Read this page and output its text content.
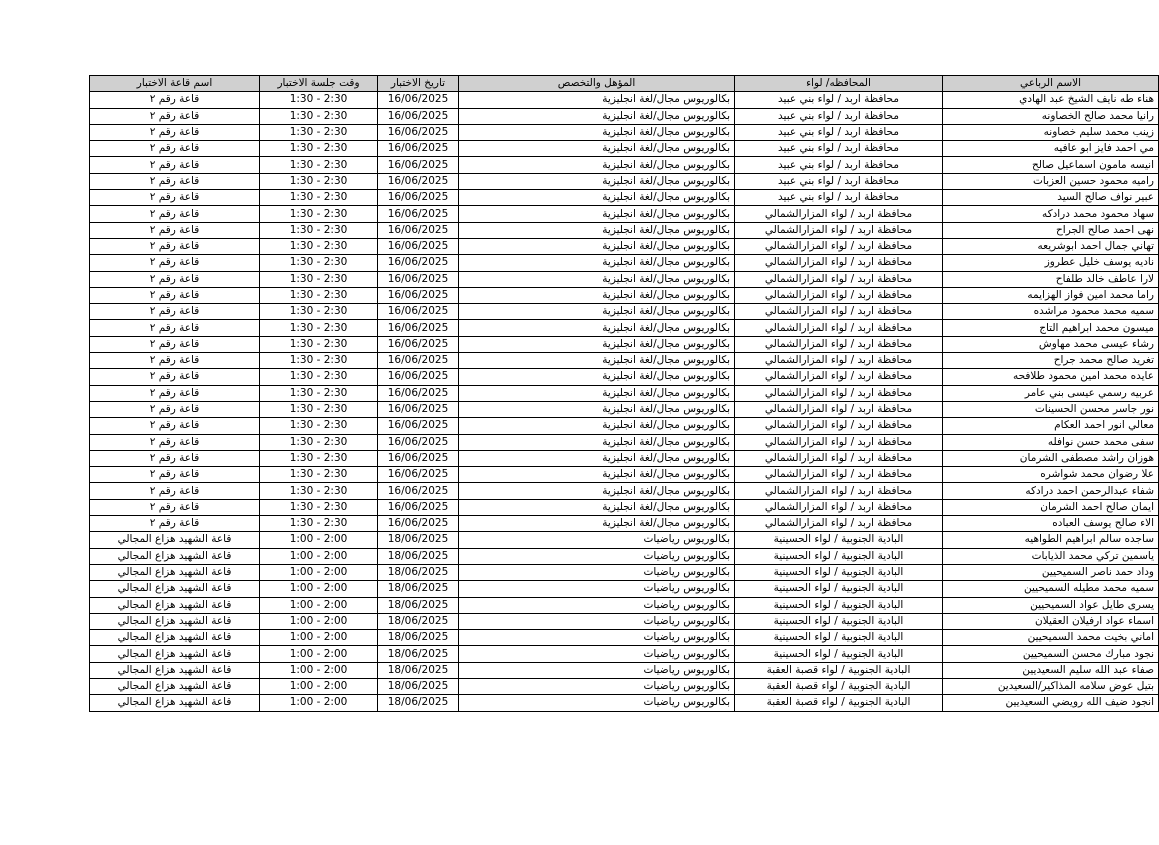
اسم قاعة الاختبار	وقت جلسة الاختبار	تاريخ الاختبار	المؤهل والتخصص	المحافظه/ لواء	الاسم الرباعي
قاعة رقم ٢	1:30 - 2:30	16/06/2025	بكالوريوس مجال/لغة انجليزية	محافظة اربد / لواء بني عبيد	هناء طه نايف الشيخ عبد الهادي
قاعة رقم ٢	1:30 - 2:30	16/06/2025	بكالوريوس مجال/لغة انجليزية	محافظة اربد / لواء بني عبيد	رانيا محمد صالح الخصاونه
قاعة رقم ٢	1:30 - 2:30	16/06/2025	بكالوريوس مجال/لغة انجليزية	محافظة اربد / لواء بني عبيد	زينب محمد سليم خصاونه
قاعة رقم ٢	1:30 - 2:30	16/06/2025	بكالوريوس مجال/لغة انجليزية	محافظة اربد / لواء بني عبيد	مي احمد فايز ابو عافيه
قاعة رقم ٢	1:30 - 2:30	16/06/2025	بكالوريوس مجال/لغة انجليزية	محافظة اربد / لواء بني عبيد	انيسه مامون اسماعيل صالح
قاعة رقم ٢	1:30 - 2:30	16/06/2025	بكالوريوس مجال/لغة انجليزية	محافظة اربد / لواء بني عبيد	راميه محمود حسين العزبات
قاعة رقم ٢	1:30 - 2:30	16/06/2025	بكالوريوس مجال/لغة انجليزية	محافظة اربد / لواء بني عبيد	عبير نواف صالح السيد
قاعة رقم ٢	1:30 - 2:30	16/06/2025	بكالوريوس مجال/لغة انجليزية	محافظة اربد / لواء المزارالشمالي	سهاد محمود محمد درادكه
قاعة رقم ٢	1:30 - 2:30	16/06/2025	بكالوريوس مجال/لغة انجليزية	محافظة اربد / لواء المزارالشمالي	نهى احمد صالح الجراح
قاعة رقم ٢	1:30 - 2:30	16/06/2025	بكالوريوس مجال/لغة انجليزية	محافظة اربد / لواء المزارالشمالي	تهاني جمال احمد ابوشريعه
قاعة رقم ٢	1:30 - 2:30	16/06/2025	بكالوريوس مجال/لغة انجليزية	محافظة اربد / لواء المزارالشمالي	ناديه يوسف خليل عطروز
قاعة رقم ٢	1:30 - 2:30	16/06/2025	بكالوريوس مجال/لغة انجليزية	محافظة اربد / لواء المزارالشمالي	لارا عاطف خالد طلفاح
قاعة رقم ٢	1:30 - 2:30	16/06/2025	بكالوريوس مجال/لغة انجليزية	محافظة اربد / لواء المزارالشمالي	راما محمد امين فواز الهزايمه
قاعة رقم ٢	1:30 - 2:30	16/06/2025	بكالوريوس مجال/لغة انجليزية	محافظة اربد / لواء المزارالشمالي	سميه محمد محمود مراشده
قاعة رقم ٢	1:30 - 2:30	16/06/2025	بكالوريوس مجال/لغة انجليزية	محافظة اربد / لواء المزارالشمالي	ميسون محمد ابراهيم التاج
قاعة رقم ٢	1:30 - 2:30	16/06/2025	بكالوريوس مجال/لغة انجليزية	محافظة اربد / لواء المزارالشمالي	رشاء عيسى محمد مهاوش
قاعة رقم ٢	1:30 - 2:30	16/06/2025	بكالوريوس مجال/لغة انجليزية	محافظة اربد / لواء المزارالشمالي	تغريد صالح محمد جراح
قاعة رقم ٢	1:30 - 2:30	16/06/2025	بكالوريوس مجال/لغة انجليزية	محافظة اربد / لواء المزارالشمالي	عايده محمد امين محمود طلافحه
قاعة رقم ٢	1:30 - 2:30	16/06/2025	بكالوريوس مجال/لغة انجليزية	محافظة اربد / لواء المزارالشمالي	عربيه رسمي عيسى بني عامر
قاعة رقم ٢	1:30 - 2:30	16/06/2025	بكالوريوس مجال/لغة انجليزية	محافظة اربد / لواء المزارالشمالي	نور جاسر محسن الحسينات
قاعة رقم ٢	1:30 - 2:30	16/06/2025	بكالوريوس مجال/لغة انجليزية	محافظة اربد / لواء المزارالشمالي	معالي انور احمد العكام
قاعة رقم ٢	1:30 - 2:30	16/06/2025	بكالوريوس مجال/لغة انجليزية	محافظة اربد / لواء المزارالشمالي	سفى محمد حسن نوافله
قاعة رقم ٢	1:30 - 2:30	16/06/2025	بكالوريوس مجال/لغة انجليزية	محافظة اربد / لواء المزارالشمالي	هوزان راشد مصطفى الشرمان
قاعة رقم ٢	1:30 - 2:30	16/06/2025	بكالوريوس مجال/لغة انجليزية	محافظة اربد / لواء المزارالشمالي	علا رضوان محمد شواشره
قاعة رقم ٢	1:30 - 2:30	16/06/2025	بكالوريوس مجال/لغة انجليزية	محافظة اربد / لواء المزارالشمالي	شفاء عبدالرحمن احمد درادكه
قاعة رقم ٢	1:30 - 2:30	16/06/2025	بكالوريوس مجال/لغة انجليزية	محافظة اربد / لواء المزارالشمالي	ايمان صالح احمد الشرمان
قاعة رقم ٢	1:30 - 2:30	16/06/2025	بكالوريوس مجال/لغة انجليزية	محافظة اربد / لواء المزارالشمالي	الاء صالح يوسف العباده
قاعة الشهيد هزاع المجالي	1:00 - 2:00	18/06/2025	بكالوريوس رياضيات	البادية الجنوبية / لواء الحسينية	ساجده سالم ابراهيم الطواهيه
قاعة الشهيد هزاع المجالي	1:00 - 2:00	18/06/2025	بكالوريوس رياضيات	البادية الجنوبية / لواء الحسينية	ياسمين تركي محمد الذيابات
قاعة الشهيد هزاع المجالي	1:00 - 2:00	18/06/2025	بكالوريوس رياضيات	البادية الجنوبية / لواء الحسينية	وداد حمد ناصر السميحيين
قاعة الشهيد هزاع المجالي	1:00 - 2:00	18/06/2025	بكالوريوس رياضيات	البادية الجنوبية / لواء الحسينية	سميه محمد مطيله السميحيين
قاعة الشهيد هزاع المجالي	1:00 - 2:00	18/06/2025	بكالوريوس رياضيات	البادية الجنوبية / لواء الحسينية	يسرى طايل عواد السميحيين
قاعة الشهيد هزاع المجالي	1:00 - 2:00	18/06/2025	بكالوريوس رياضيات	البادية الجنوبية / لواء الحسينية	اسماء عواد ارفيلان العقيلان
قاعة الشهيد هزاع المجالي	1:00 - 2:00	18/06/2025	بكالوريوس رياضيات	البادية الجنوبية / لواء الحسينية	اماني بخيت محمد السميحيين
قاعة الشهيد هزاع المجالي	1:00 - 2:00	18/06/2025	بكالوريوس رياضيات	البادية الجنوبية / لواء الحسينية	نجود مبارك محسن السميحيين
قاعة الشهيد هزاع المجالي	1:00 - 2:00	18/06/2025	بكالوريوس رياضيات	البادية الجنوبية / لواء قصبة العقبة	صفاء عبد الله سليم السعيديين
قاعة الشهيد هزاع المجالي	1:00 - 2:00	18/06/2025	بكالوريوس رياضيات	البادية الجنوبية / لواء قصبة العقبة	بتيل عوض سلامه المذاكير/السعيدين
قاعة الشهيد هزاع المجالي	1:00 - 2:00	18/06/2025	بكالوريوس رياضيات	البادية الجنوبية / لواء قصبة العقبة	انجود ضيف الله رويضي السعيديين
